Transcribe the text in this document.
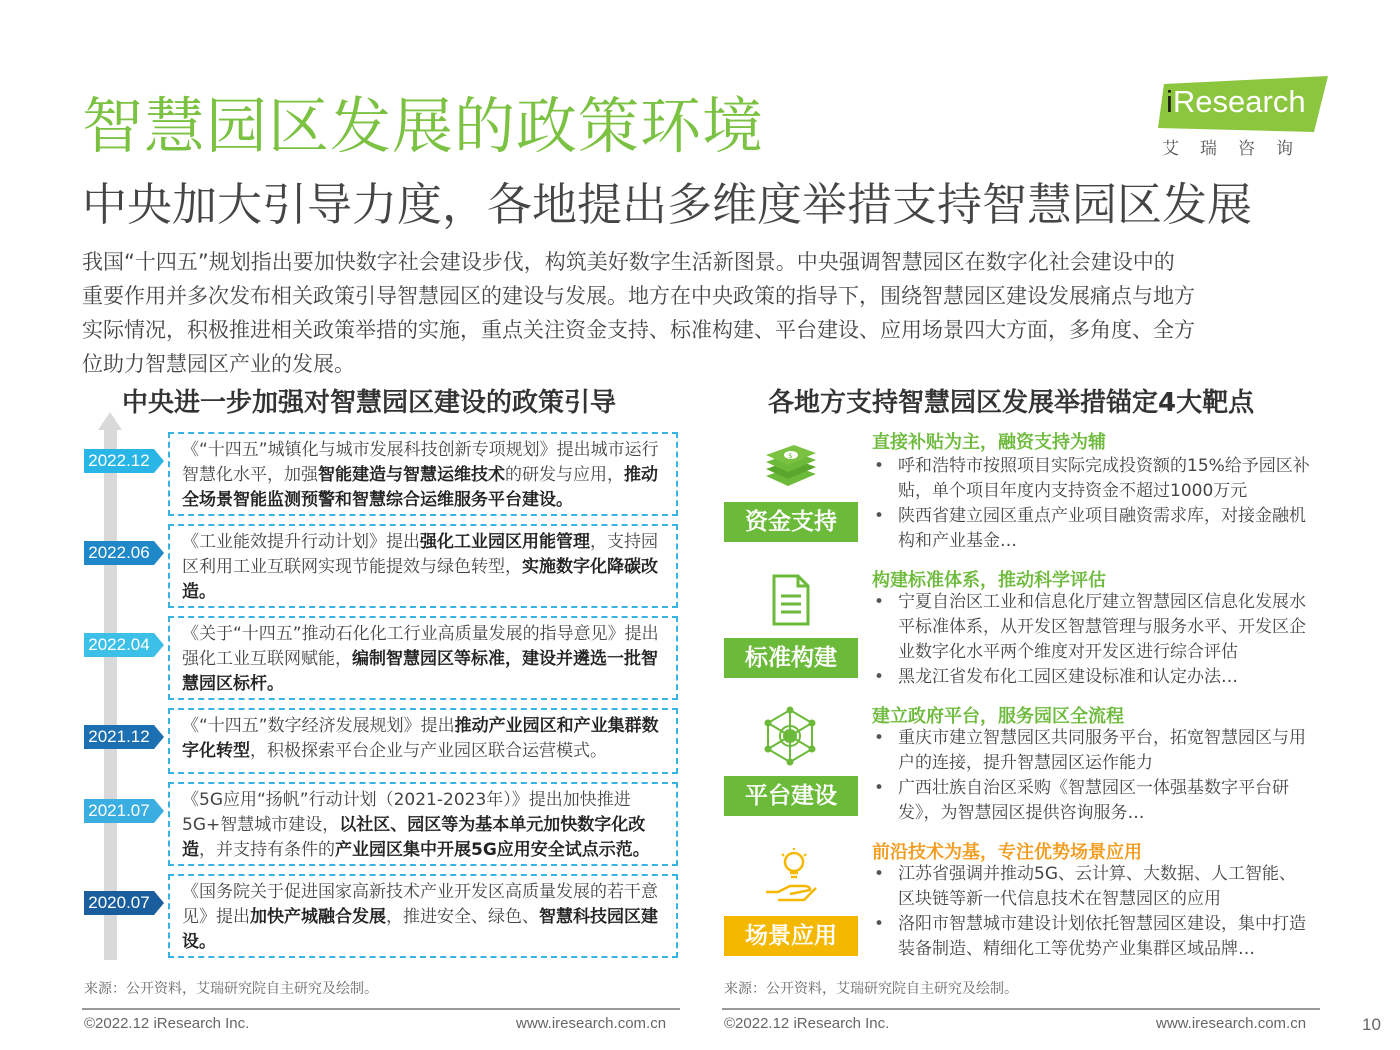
智慧园区发展的政策环境
中央加大引导力度，各地提出多维度举措支持智慧园区发展
iResearch
艾瑞咨询

我国“十四五”规划指出要加快数字社会建设步伐，构筑美好数字生活新图景。中央强调智慧园区在数字化社会建设中的

重要作用并多次发布相关政策引导智慧园区的建设与发展。地方在中央政策的指导下，围绕智慧园区建设发展痛点与地方

实际情况，积极推进相关政策举措的实施，重点关注资金支持、标准构建、平台建设、应用场景四大方面，多角度、全方

位助力智慧园区产业的发展。

中央进一步加强对智慧园区建设的政策引导	各地方支持智慧园区发展举措锚定4大靶点
2022.12
《“十四五”城镇化与城市发展科技创新专项规划》提出城市运行智慧化水平，加强智能建造与智慧运维技术的研发与应用，推动全场景智能监测预警和智慧综合运维服务平台建设。
2022.06
《工业能效提升行动计划》提出强化工业园区用能管理，支持园区利用工业互联网实现节能提效与绿色转型，实施数字化降碳改造。
2022.04
《关于“十四五”推动石化化工行业高质量发展的指导意见》提出强化工业互联网赋能，编制智慧园区等标准，建设并遴选一批智慧园区标杆。
2021.12
《“十四五”数字经济发展规划》提出推动产业园区和产业集群数字化转型，积极探索平台企业与产业园区联合运营模式。
2021.07
《5G应用“扬帆”行动计划（2021-2023年）》提出加快推进5G+智慧城市建设，以社区、园区等为基本单元加快数字化改造，并支持有条件的产业园区集中开展5G应用安全试点示范。
2020.07
《国务院关于促进国家高新技术产业开发区高质量发展的若干意见》提出加快产城融合发展，推进安全、绿色、智慧科技园区建设。
$
资金支持
直接补贴为主，融资支持为辅
• 呼和浩特市按照项目实际完成投资额的15%给予园区补贴，单个项目年度内支持资金不超过1000万元
• 陕西省建立园区重点产业项目融资需求库，对接金融机构和产业基金…
标准构建
构建标准体系，推动科学评估
• 宁夏自治区工业和信息化厅建立智慧园区信息化发展水平标准体系，从开发区智慧管理与服务水平、开发区企业数字化水平两个维度对开发区进行综合评估
• 黑龙江省发布化工园区建设标准和认定办法…
平台建设
建立政府平台，服务园区全流程
• 重庆市建立智慧园区共同服务平台，拓宽智慧园区与用户的连接，提升智慧园区运作能力
• 广西壮族自治区采购《智慧园区一体强基数字平台研发》，为智慧园区提供咨询服务…
场景应用
前沿技术为基，专注优势场景应用
• 江苏省强调并推动5G、云计算、大数据、人工智能、区块链等新一代信息技术在智慧园区的应用
• 洛阳市智慧城市建设计划依托智慧园区建设，集中打造装备制造、精细化工等优势产业集群区域品牌…
来源：公开资料，艾瑞研究院自主研究及绘制。	来源：公开资料，艾瑞研究院自主研究及绘制。
©2022.12 iResearch Inc.	www.iresearch.com.cn	©2022.12 iResearch Inc.	www.iresearch.com.cn	10
